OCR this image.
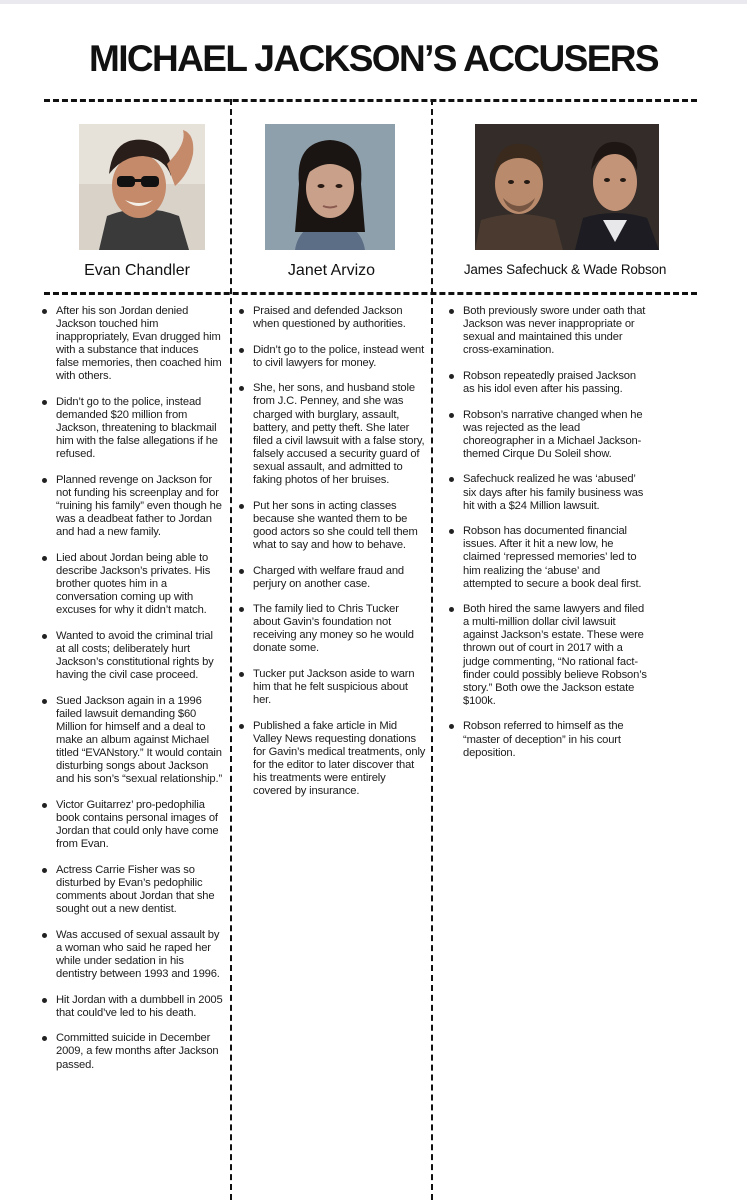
MICHAEL JACKSON’S ACCUSERS
Evan Chandler	Janet Arvizo	James Safechuck & Wade Robson
After his son Jordan denied Jackson touched him inappropriately, Evan drugged him with a substance that induces false memories, then coached him with others.
Didn’t go to the police, instead demanded $20 million from Jackson, threatening to blackmail him with the false allegations if he refused.
Planned revenge on Jackson for not funding his screenplay and for “ruining his family” even though he was a deadbeat father to Jordan and had a new family.
Lied about Jordan being able to describe Jackson’s privates. His brother quotes him in a conversation coming up with excuses for why it didn’t match.
Wanted to avoid the criminal trial at all costs; deliberately hurt Jackson’s constitutional rights by having the civil case proceed.
Sued Jackson again in a 1996 failed lawsuit demanding $60 Million for himself and a deal to make an album against Michael titled “EVANstory.” It would contain disturbing songs about Jackson and his son’s “sexual relationship.”
Victor Guitarrez’ pro-pedophilia book contains personal images of Jordan that could only have come from Evan.
Actress Carrie Fisher was so disturbed by Evan’s pedophilic comments about Jordan that she sought out a new dentist.
Was accused of sexual assault by a woman who said he raped her while under sedation in his dentistry between 1993 and 1996.
Hit Jordan with a dumbbell in 2005 that could’ve led to his death.
Committed suicide in December 2009, a few months after Jackson passed.
Praised and defended Jackson when questioned by authorities.
Didn’t go to the police, instead went to civil lawyers for money.
She, her sons, and husband stole from J.C. Penney, and she was charged with burglary, assault, battery, and petty theft. She later filed a civil lawsuit with a false story, falsely accused a security guard of sexual assault, and admitted to faking photos of her bruises.
Put her sons in acting classes because she wanted them to be good actors so she could tell them what to say and how to behave.
Charged with welfare fraud and perjury on another case.
The family lied to Chris Tucker about Gavin’s foundation not receiving any money so he would donate some.
Tucker put Jackson aside to warn him that he felt suspicious about her.
Published a fake article in Mid Valley News requesting donations for Gavin’s medical treatments, only for the editor to later discover that his treatments were entirely covered by insurance.
Both previously swore under oath that Jackson was never inappropriate or sexual and maintained this under cross-examination.
Robson repeatedly praised Jackson as his idol even after his passing.
Robson’s narrative changed when he was rejected as the lead choreographer in a Michael Jackson-themed Cirque Du Soleil show.
Safechuck realized he was ‘abused’ six days after his family business was hit with a $24 Million lawsuit.
Robson has documented financial issues. After it hit a new low, he claimed ‘repressed memories’ led to him realizing the ‘abuse’ and attempted to secure a book deal first.
Both hired the same lawyers and filed a multi-million dollar civil lawsuit against Jackson’s estate. These were thrown out of court in 2017 with a judge commenting, “No rational fact-finder could possibly believe Robson’s story.” Both owe the Jackson estate $100k.
Robson referred to himself as the “master of deception” in his court deposition.
